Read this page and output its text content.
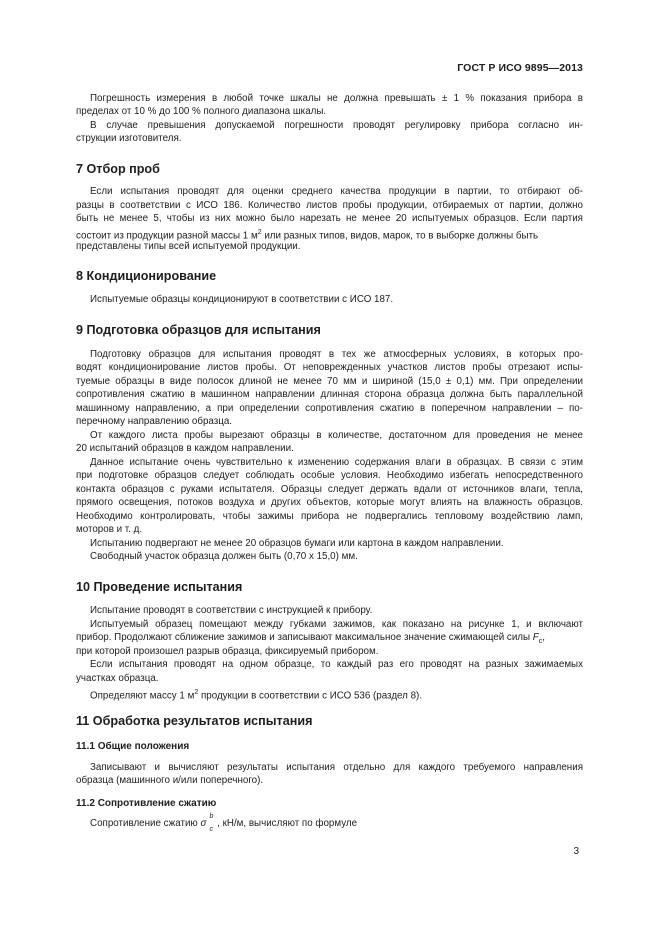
ГОСТ Р ИСО 9895—2013
Погрешность измерения в любой точке шкалы не должна превышать ± 1 % показания прибора в
пределах от 10 % до 100 % полного диапазона шкалы.
В случае превышения допускаемой погрешности проводят регулировку прибора согласно ин-
струкции изготовителя.
7 Отбор проб
Если испытания проводят для оценки среднего качества продукции в партии, то отбирают об-
разцы в соответствии с ИСО 186. Количество листов пробы продукции, отбираемых от партии, должно
быть не менее 5, чтобы из них можно было нарезать не менее 20 испытуемых образцов. Если партия
состоит из продукции разной массы 1 $м^2$ или разных типов, видов, марок, то в выборке должны быть
представлены типы всей испытуемой продукции.
8 Кондиционирование
Испытуемые образцы кондиционируют в соответствии с ИСО 187.
9 Подготовка образцов для испытания
Подготовку образцов для испытания проводят в тех же атмосферных условиях, в которых про-
водят кондиционирование листов пробы. От неповрежденных участков листов пробы отрезают испы-
туемые образцы в виде полосок длиной не менее 70 мм и шириной (15,0 ± 0,1) мм. При определении
сопротивления сжатию в машинном направлении длинная сторона образца должна быть параллельной
машинному направлению, а при определении сопротивления сжатию в поперечном направлении – по-
перечному направлению образца.
От каждого листа пробы вырезают образцы в количестве, достаточном для проведения не менее
20 испытаний образцов в каждом направлении.
Данное испытание очень чувствительно к изменению содержания влаги в образцах. В связи с этим
при подготовке образцов следует соблюдать особые условия. Необходимо избегать непосредственного
контакта образцов с руками испытателя. Образцы следует держать вдали от источников влаги, тепла,
прямого освещения, потоков воздуха и других объектов, которые могут влиять на влажность образцов.
Необходимо контролировать, чтобы зажимы прибора не подвергались тепловому воздействию ламп,
моторов и т. д.
Испытанию подвергают не менее 20 образцов бумаги или картона в каждом направлении.
Свободный участок образца должен быть (0,70 х 15,0) мм.
10 Проведение испытания
Испытание проводят в соответствии с инструкцией к прибору.
Испытуемый образец помещают между губками зажимов, как показано на рисунке 1, и включают
прибор. Продолжают сближение зажимов и записывают максимальное значение сжимающей силы $F_c$,
при которой произошел разрыв образца, фиксируемый прибором.
Если испытания проводят на одном образце, то каждый раз его проводят на разных зажимаемых
участках образца.
Определяют массу 1 $м^2$ продукции в соответствии с ИСО 536 (раздел 8).
11 Обработка результатов испытания
11.1 Общие положения
Записывают и вычисляют результаты испытания отдельно для каждого требуемого направления
образца (машинного и/или поперечного).
11.2 Сопротивление сжатию
Сопротивление сжатию σ
b
c
, кН/м, вычисляют по формуле
3
